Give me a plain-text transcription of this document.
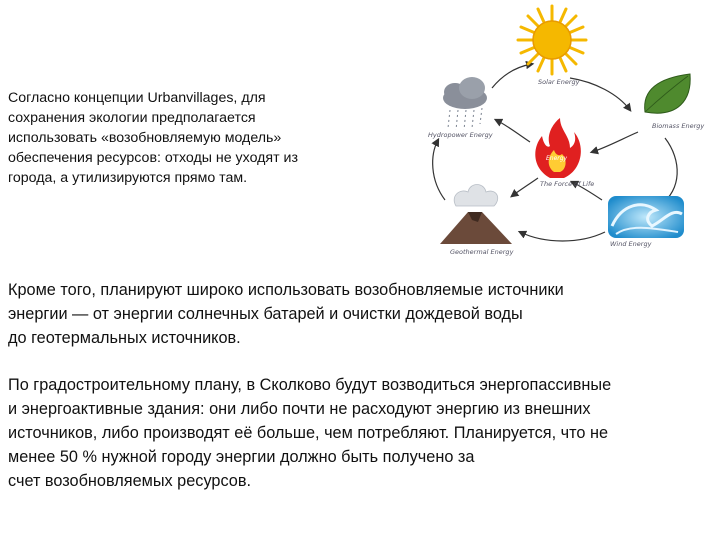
Согласно концепции Urbanvillages, для
сохранения экологии предполагается
использовать «возобновляемую модель»
обеспечения ресурсов: отходы не уходят из
города, а утилизируются прямо там.
Кроме того, планируют широко использовать возобновляемые источники
энергии — от энергии солнечных батарей и очистки дождевой воды
до геотермальных источников.
По градостроительному плану, в Сколково будут возводиться энергопассивные
и энергоактивные здания: они либо почти не расходуют энергию из внешних
источников, либо производят её больше, чем потребляют. Планируется, что не
менее 50 % нужной городу энергии должно быть получено за
счет возобновляемых ресурсов.
Solar Energy
Biomass Energy
Hydropower Energy
Energy
The Force of Life
Wind Energy
Geothermal Energy
